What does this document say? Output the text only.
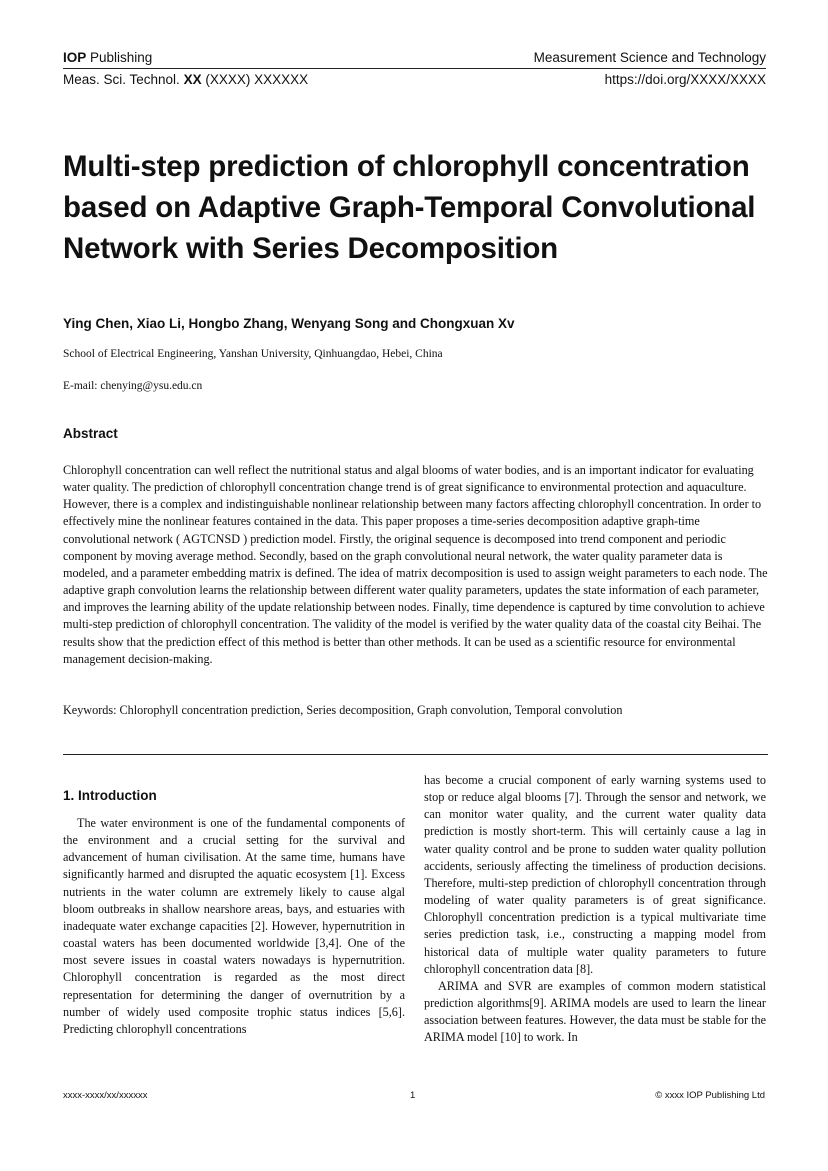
IOP Publishing	Measurement Science and Technology
Meas. Sci. Technol. XX (XXXX) XXXXXX	https://doi.org/XXXX/XXXX
Multi-step prediction of chlorophyll concentration
based on Adaptive Graph-Temporal Convolutional
Network with Series Decomposition
Ying Chen, Xiao Li, Hongbo Zhang, Wenyang Song and Chongxuan Xv
School of Electrical Engineering, Yanshan University, Qinhuangdao, Hebei, China
E-mail: chenying@ysu.edu.cn
Abstract
Chlorophyll concentration can well reflect the nutritional status and algal blooms of water bodies, and is an important indicator for evaluating water quality. The prediction of chlorophyll concentration change trend is of great significance to environmental protection and aquaculture. However, there is a complex and indistinguishable nonlinear relationship between many factors affecting chlorophyll concentration. In order to effectively mine the nonlinear features contained in the data. This paper proposes a time-series decomposition adaptive graph-time convolutional network ( AGTCNSD ) prediction model. Firstly, the original sequence is decomposed into trend component and periodic component by moving average method. Secondly, based on the graph convolutional neural network, the water quality parameter data is modeled, and a parameter embedding matrix is defined. The idea of matrix decomposition is used to assign weight parameters to each node. The adaptive graph convolution learns the relationship between different water quality parameters, updates the state information of each parameter, and improves the learning ability of the update relationship between nodes. Finally, time dependence is captured by time convolution to achieve multi-step prediction of chlorophyll concentration. The validity of the model is verified by the water quality data of the coastal city Beihai. The results show that the prediction effect of this method is better than other methods. It can be used as a scientific resource for environmental management decision-making.
Keywords: Chlorophyll concentration prediction, Series decomposition, Graph convolution, Temporal convolution
1. Introduction

The water environment is one of the fundamental components of the environment and a crucial setting for the survival and advancement of human civilisation. At the same time, humans have significantly harmed and disrupted the aquatic ecosystem [1]. Excess nutrients in the water column are extremely likely to cause algal bloom outbreaks in shallow nearshore areas, bays, and estuaries with inadequate water exchange capacities [2]. However, hypernutrition in coastal waters has been documented worldwide [3,4]. One of the most severe issues in coastal waters nowadays is hypernutrition. Chlorophyll concentration is regarded as the most direct representation for determining the danger of overnutrition by a number of widely used composite trophic status indices [5,6]. Predicting chlorophyll concentrations

has become a crucial component of early warning systems used to stop or reduce algal blooms [7]. Through the sensor and network, we can monitor water quality, and the current water quality data prediction is mostly short-term. This will certainly cause a lag in water quality control and be prone to sudden water quality pollution accidents, seriously affecting the timeliness of production decisions. Therefore, multi-step prediction of chlorophyll concentration through modeling of water quality parameters is of great significance. Chlorophyll concentration prediction is a typical multivariate time series prediction task, i.e., constructing a mapping model from historical data of multiple water quality parameters to future chlorophyll concentration data [8].

ARIMA and SVR are examples of common modern statistical prediction algorithms[9]. ARIMA models are used to learn the linear association between features. However, the data must be stable for the ARIMA model [10] to work. In

xxxx-xxxx/xx/xxxxxx	1	© xxxx IOP Publishing Ltd
